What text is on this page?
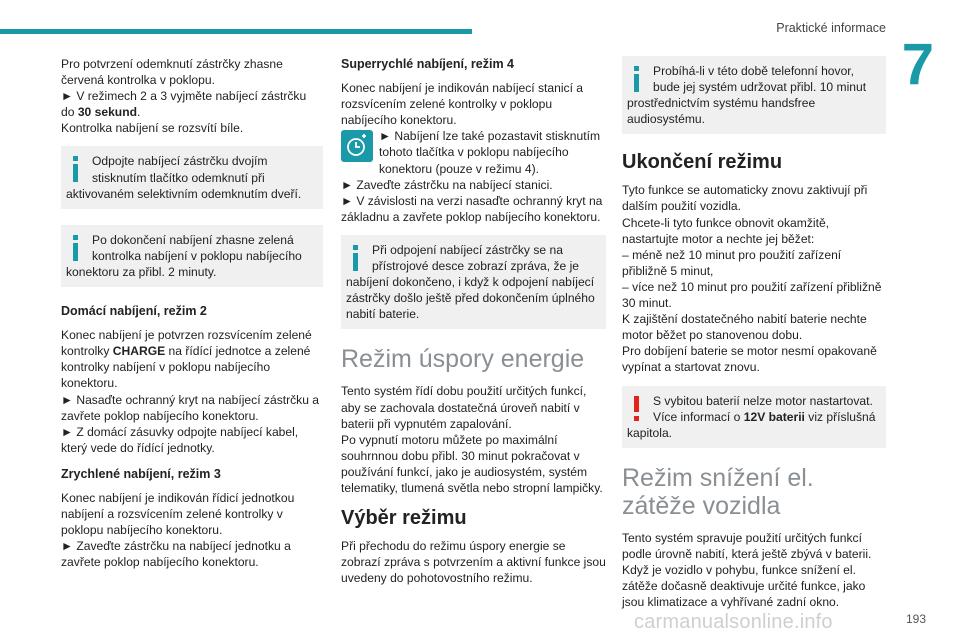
Praktické informace
7

Pro potvrzení odemknutí zástrčky zhasne
červená kontrolka v poklopu.
► V režimech 2 a 3 vyjměte nabíjecí zástrčku
do 30 sekund.
Kontrolka nabíjení se rozsvítí bíle.

Odpojte nabíjecí zástrčku dvojím stisknutím tlačítko odemknutí při aktivovaném selektivním odemknutím dveří.
Po dokončení nabíjení zhasne zelená kontrolka nabíjení v poklopu nabíjecího konektoru za přibl. 2 minuty.
Domácí nabíjení, režim 2

Konec nabíjení je potvrzen rozsvícením zelené kontrolky CHARGE na řídící jednotce a zelené kontrolky nabíjení v poklopu nabíjecího konektoru.
► Nasaďte ochranný kryt na nabíjecí zástrčku a zavřete poklop nabíjecího konektoru.
► Z domácí zásuvky odpojte nabíjecí kabel, který vede do řídící jednotky.

Zrychlené nabíjení, režim 3

Konec nabíjení je indikován řídicí jednotkou nabíjení a rozsvícením zelené kontrolky v poklopu nabíjecího konektoru.
► Zaveďte zástrčku na nabíjecí jednotku a zavřete poklop nabíjecího konektoru.

Superrychlé nabíjení, režim 4

Konec nabíjení je indikován nabíjecí stanicí a rozsvícením zelené kontrolky v poklopu nabíjecího konektoru.

► Nabíjení lze také pozastavit stisknutím tohoto tlačítka v poklopu nabíjecího konektoru (pouze v režimu 4).
► Zaveďte zástrčku na nabíjecí stanici.
► V závislosti na verzi nasaďte ochranný kryt na základnu a zavřete poklop nabíjecího konektoru.

Při odpojení nabíjecí zástrčky se na přístrojové desce zobrazí zpráva, že je nabíjení dokončeno, i když k odpojení nabíjecí zástrčky došlo ještě před dokončením úplného nabití baterie.
Režim úspory energie

Tento systém řídí dobu použití určitých funkcí, aby se zachovala dostatečná úroveň nabití v baterii při vypnutém zapalování.
Po vypnutí motoru můžete po maximální souhrnnou dobu přibl. 30 minut pokračovat v používání funkcí, jako je audiosystém, systém telematiky, tlumená světla nebo stropní lampičky.

Výběr režimu

Při přechodu do režimu úspory energie se zobrazí zpráva s potvrzením a aktivní funkce jsou uvedeny do pohotovostního režimu.

Probíhá-li v této době telefonní hovor, bude jej systém udržovat přibl. 10 minut prostřednictvím systému handsfree audiosystému.
Ukončení režimu

Tyto funkce se automaticky znovu zaktivují při dalším použití vozidla.
Chcete-li tyto funkce obnovit okamžitě, nastartujte motor a nechte jej běžet:
– méně než 10 minut pro použití zařízení přibližně 5 minut,
– více než 10 minut pro použití zařízení přibližně 30 minut.
K zajištění dostatečného nabití baterie nechte motor běžet po stanovenou dobu.
Pro dobíjení baterie se motor nesmí opakovaně vypínat a startovat znovu.

S vybitou baterií nelze motor nastartovat. Více informací o 12V baterii viz příslušná kapitola.
Režim snížení el. zátěže vozidla

Tento systém spravuje použití určitých funkcí podle úrovně nabití, která ještě zbývá v baterii.
Když je vozidlo v pohybu, funkce snížení el. zátěže dočasně deaktivuje určité funkce, jako jsou klimatizace a vyhřívané zadní okno.

carmanualsonline.info	193
